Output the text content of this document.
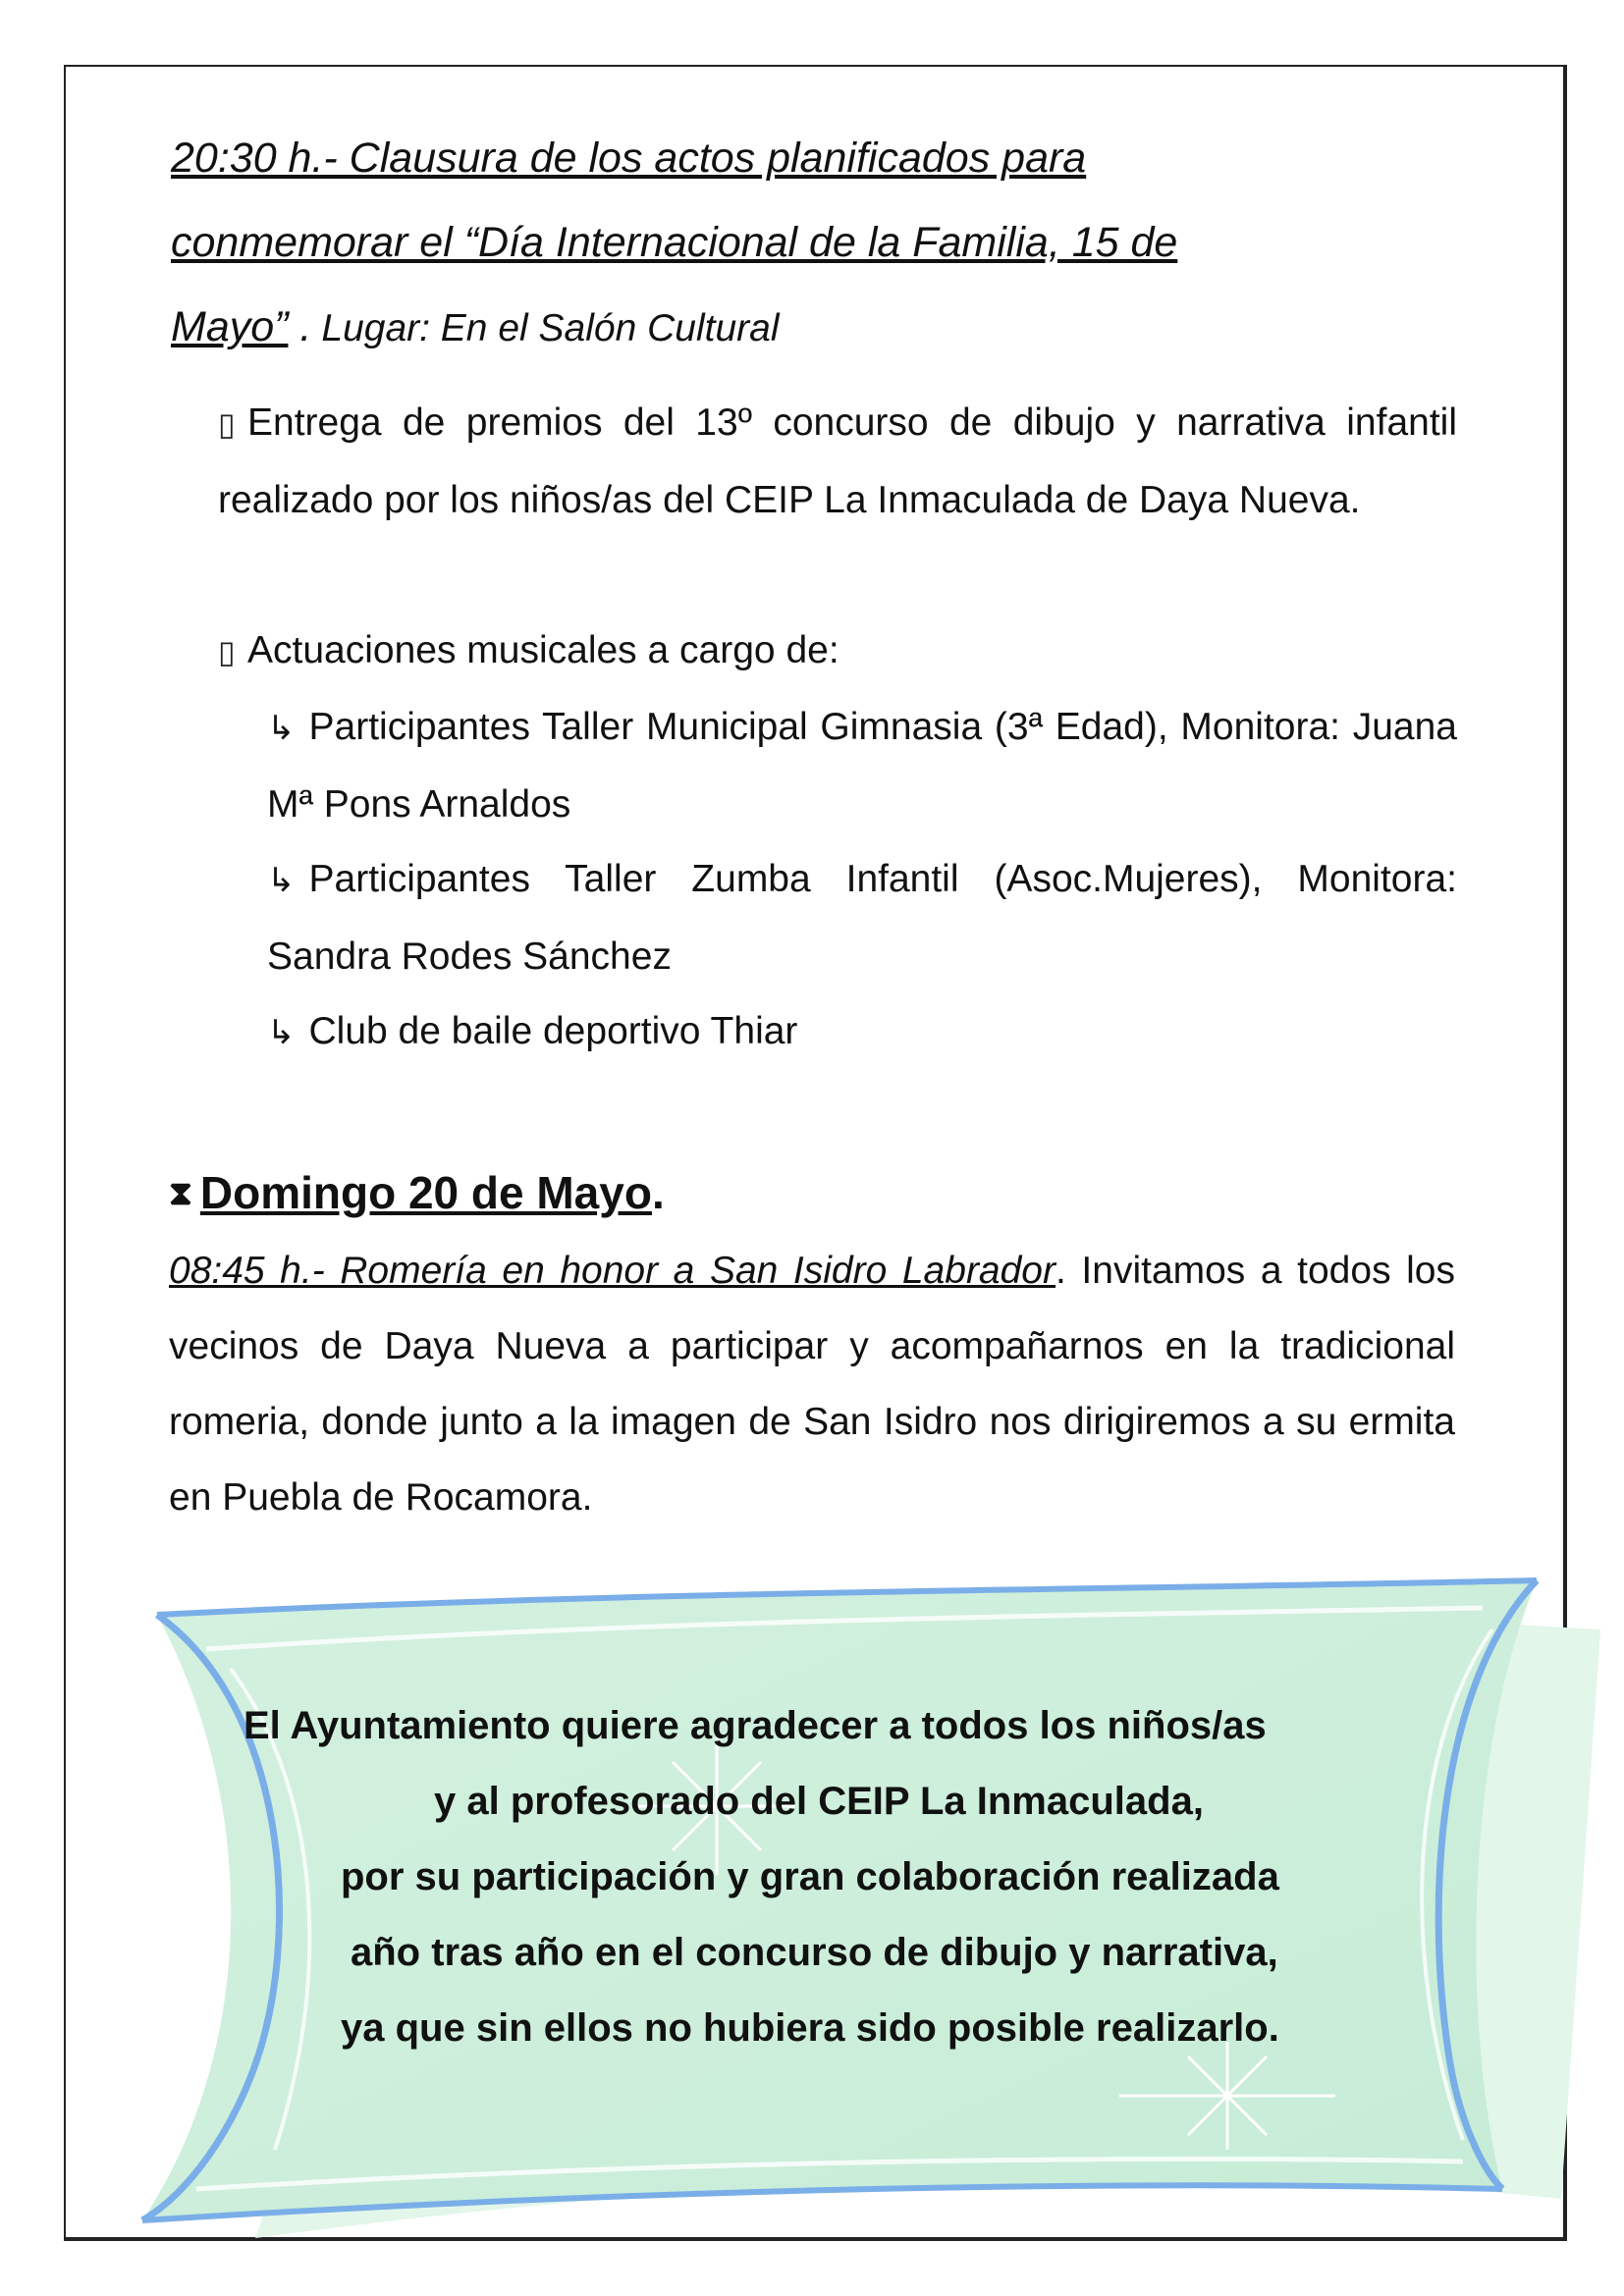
20:30 h.- Clausura de los actos planificados para
conmemorar el “Día Internacional de la Familia, 15 de
Mayo” . Lugar: En el Salón Cultural
▯ Entrega de premios del 13º concurso de dibujo y narrativa infantil realizado por los niños/as del CEIP La Inmaculada de Daya Nueva.
▯ Actuaciones musicales a cargo de:
↳ Participantes Taller Municipal Gimnasia (3ª Edad), Monitora: Juana Mª Pons Arnaldos
↳ Participantes Taller Zumba Infantil (Asoc.Mujeres), Monitora: Sandra Rodes Sánchez
↳ Club de baile deportivo Thiar
⧗ Domingo 20 de Mayo.
08:45 h.- Romería en honor a San Isidro Labrador. Invitamos a todos los vecinos de Daya Nueva a participar y acompañarnos en la tradicional romeria, donde junto a la imagen de San Isidro nos dirigiremos a su ermita en Puebla de Rocamora.
El Ayuntamiento quiere agradecer a todos los niños/as
y al profesorado del CEIP La Inmaculada,
por su participación y gran colaboración realizada
año tras año en el concurso de dibujo y narrativa,
ya que sin ellos no hubiera sido posible realizarlo.
